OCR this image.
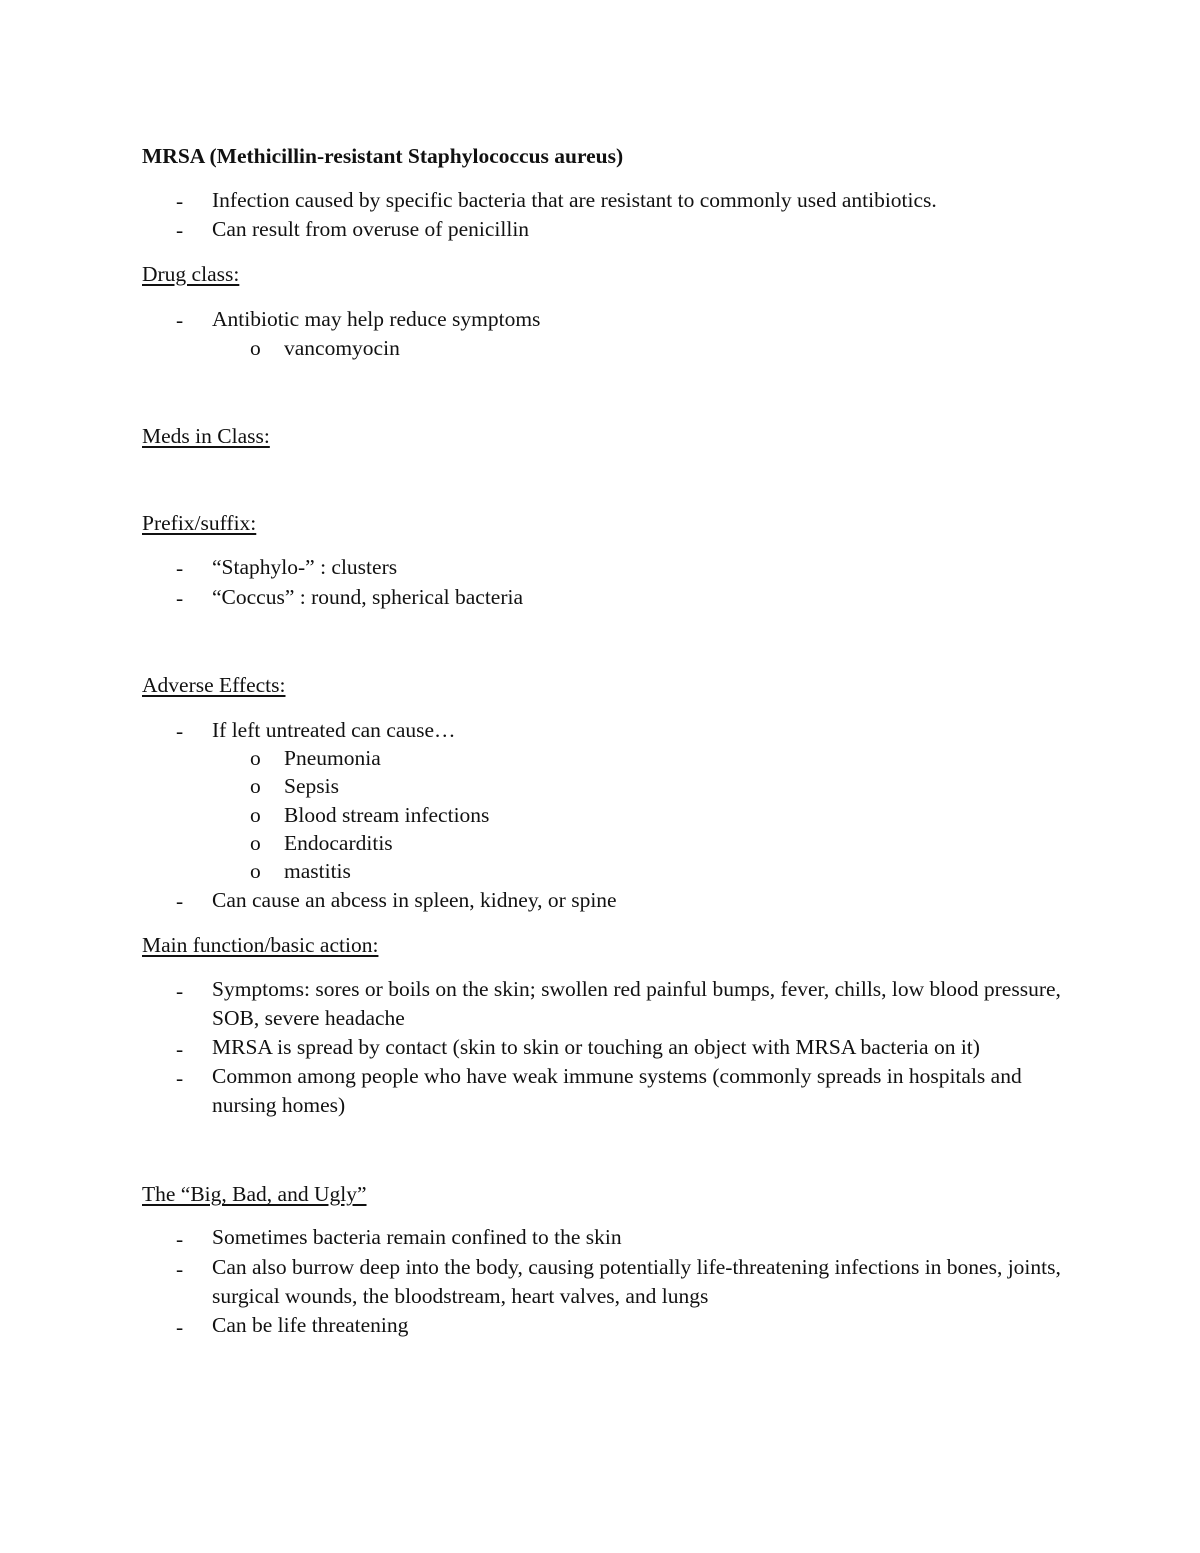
MRSA (Methicillin-resistant Staphylococcus aureus)

- Infection caused by specific bacteria that are resistant to commonly used antibiotics.

- Can result from overuse of penicillin

Drug class:

- Antibiotic may help reduce symptoms

o vancomyocin

Meds in Class:

Prefix/suffix:

- “Staphylo-” : clusters

- “Coccus” : round, spherical bacteria

Adverse Effects:

- If left untreated can cause…

o Pneumonia

o Sepsis

o Blood stream infections

o Endocarditis

o mastitis

- Can cause an abcess in spleen, kidney, or spine

Main function/basic action:

- Symptoms: sores or boils on the skin; swollen red painful bumps, fever, chills, low blood pressure, SOB, severe headache

- MRSA is spread by contact (skin to skin or touching an object with MRSA bacteria on it)

- Common among people who have weak immune systems (commonly spreads in hospitals and nursing homes)

The “Big, Bad, and Ugly”

- Sometimes bacteria remain confined to the skin

- Can also burrow deep into the body, causing potentially life-threatening infections in bones, joints, surgical wounds, the bloodstream, heart valves, and lungs

- Can be life threatening
